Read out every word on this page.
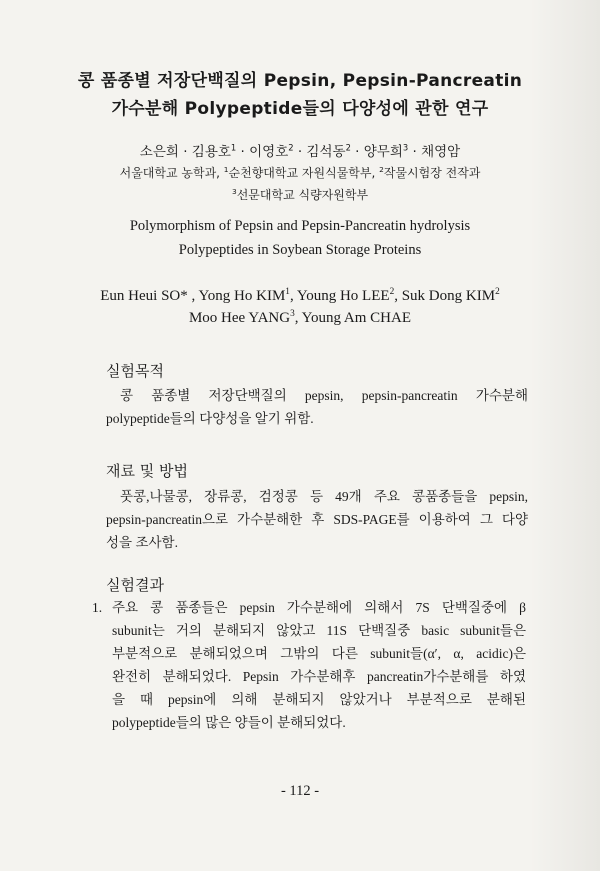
콩 품종별 저장단백질의 Pepsin, Pepsin-Pancreatin
가수분해 Polypeptide들의 다양성에 관한 연구
소은희 · 김용호$^1$ · 이영호$^2$ · 김석동$^2$ · 양무희$^3$ · 채영암
서울대학교 농학과, $^1$순천향대학교 자원식물학부, $^2$작물시험장 전작과
$^3$선문대학교 식량자원학부
Polymorphism of Pepsin and Pepsin-Pancreatin hydrolysis
Polypeptides in Soybean Storage Proteins
Eun Heui SO* , Yong Ho KIM$^1$, Young Ho LEE$^2$, Suk Dong KIM$^2$
Moo Hee YANG$^3$, Young Am CHAE
실험목적
콩 품종별 저장단백질의 pepsin, pepsin-pancreatin 가수분해
polypeptide들의 다양성을 알기 위함.
재료 및 방법
풋콩,나물콩, 장류콩, 검정콩 등 49개 주요 콩품종들을 pepsin,
pepsin-pancreatin으로 가수분해한 후 SDS-PAGE를 이용하여 그 다양
성을 조사함.
실험결과
1. 주요 콩 품종들은 pepsin 가수분해에 의해서 7S 단백질중에 β
subunit는 거의 분해되지 않았고 11S 단백질중 basic subunit들은
부분적으로 분해되었으며 그밖의 다른 subunit들(α′, α, acidic)은
완전히 분해되었다. Pepsin 가수분해후 pancreatin가수분해를 하였
을 때 pepsin에 의해 분해되지 않았거나 부분적으로 분해된
polypeptide들의 많은 양들이 분해되었다.
- 112 -
